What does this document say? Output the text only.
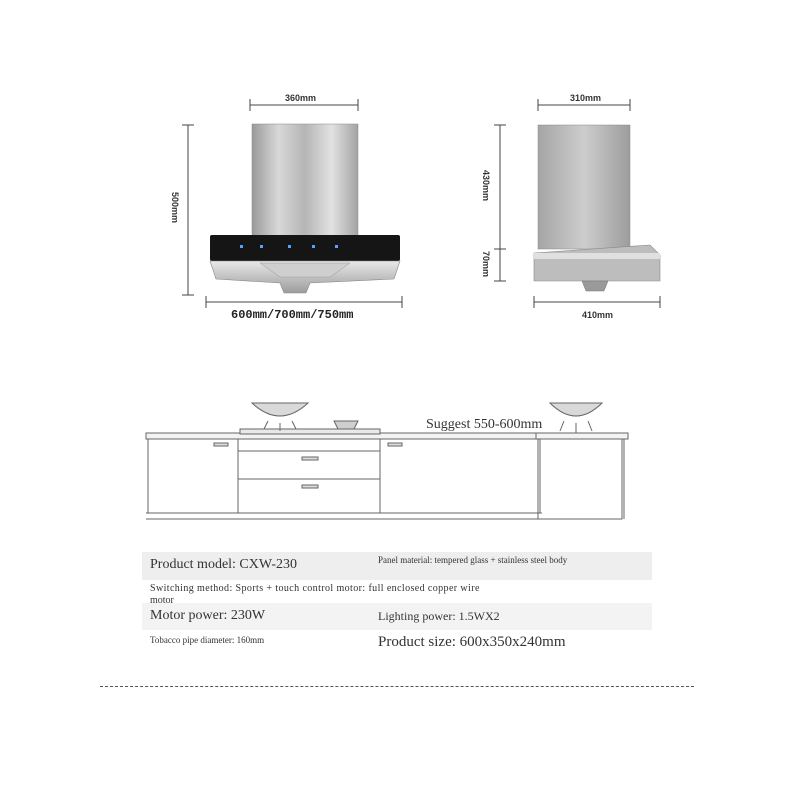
360mm
500mm
600mm/700mm/750mm
310mm
430mm
70mm
410mm
Suggest 550-600mm
Product model: CXW-230	Panel material: tempered glass + stainless steel body
Switching method: Sports + touch control motor: full enclosed copper wire
motor
Motor power: 230W	Lighting power: 1.5WX2
Tobacco pipe diameter: 160mm	Product size: 600x350x240mm
